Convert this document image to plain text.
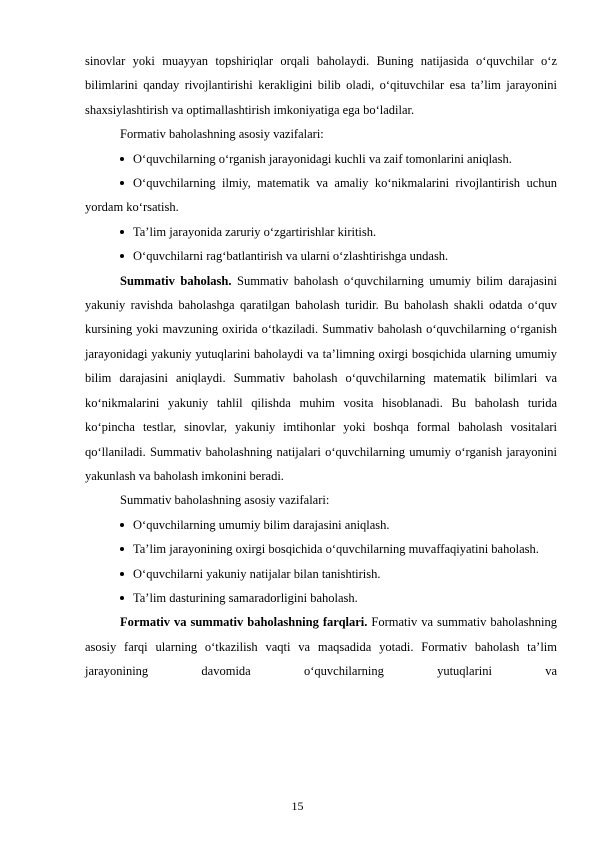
sinovlar yoki muayyan topshiriqlar orqali baholaydi. Buning natijasida o‘quvchilar o‘z bilimlarini qanday rivojlantirishi kerakligini bilib oladi, o‘qituvchilar esa ta’lim jarayonini shaxsiylashtirish va optimallashtirish imkoniyatiga ega bo‘ladilar.

Formativ baholashning asosiy vazifalari:

O‘quvchilarning o‘rganish jarayonidagi kuchli va zaif tomonlarini aniqlash.

O‘quvchilarning ilmiy, matematik va amaliy ko‘nikmalarini rivojlantirish uchun yordam ko‘rsatish.

Ta’lim jarayonida zaruriy o‘zgartirishlar kiritish.

O‘quvchilarni rag‘batlantirish va ularni o‘zlashtirishga undash.

Summativ baholash. Summativ baholash o‘quvchilarning umumiy bilim darajasini yakuniy ravishda baholashga qaratilgan baholash turidir. Bu baholash shakli odatda o‘quv kursining yoki mavzuning oxirida o‘tkaziladi. Summativ baholash o‘quvchilarning o‘rganish jarayonidagi yakuniy yutuqlarini baholaydi va ta’limning oxirgi bosqichida ularning umumiy bilim darajasini aniqlaydi. Summativ baholash o‘quvchilarning matematik bilimlari va ko‘nikmalarini yakuniy tahlil qilishda muhim vosita hisoblanadi. Bu baholash turida ko‘pincha testlar, sinovlar, yakuniy imtihonlar yoki boshqa formal baholash vositalari qo‘llaniladi. Summativ baholashning natijalari o‘quvchilarning umumiy o‘rganish jarayonini yakunlash va baholash imkonini beradi.

Summativ baholashning asosiy vazifalari:

O‘quvchilarning umumiy bilim darajasini aniqlash.

Ta’lim jarayonining oxirgi bosqichida o‘quvchilarning muvaffaqiyatini baholash.

O‘quvchilarni yakuniy natijalar bilan tanishtirish.

Ta’lim dasturining samaradorligini baholash.

Formativ va summativ baholashning farqlari. Formativ va summativ baholashning asosiy farqi ularning o‘tkazilish vaqti va maqsadida yotadi. Formativ baholash ta’lim jarayonining davomida o‘quvchilarning yutuqlarini va

15
